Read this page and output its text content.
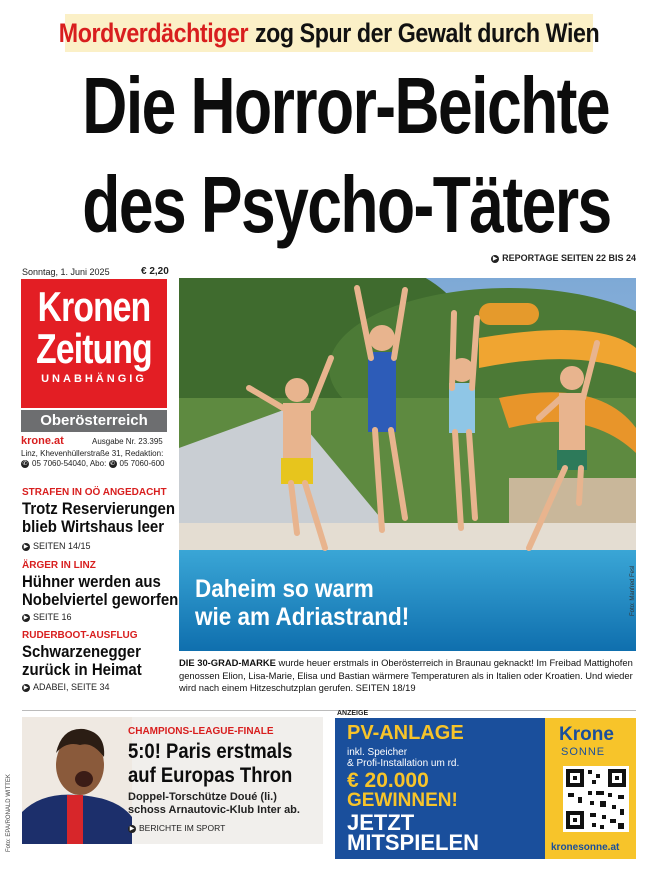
Mordverdächtiger zog Spur der Gewalt durch Wien
Die Horror-Beichte
des Psycho-Täters
▶ REPORTAGE SEITEN 22 BIS 24
Sonntag, 1. Juni 2025	€ 2,20
Kronen
Zeitung
UNABHÄNGIG
Oberösterreich
krone.at	Ausgabe Nr. 23.395
Linz, Khevenhüllerstraße 31, Redaktion:
✆ 05 7060-54040, Abo: ✆ 05 7060-600
STRAFEN IN OÖ ANGEDACHT
Trotz Reservierungen
blieb Wirtshaus leer
▶ SEITEN 14/15
ÄRGER IN LINZ
Hühner werden aus
Nobelviertel geworfen
▶ SEITE 16
RUDERBOOT-AUSFLUG
Schwarzenegger
zurück in Heimat
▶ ADABEI, SEITE 34
Daheim so warm
wie am Adriastrand!
Foto: Manfred Fesl
DIE 30-GRAD-MARKE wurde heuer erstmals in Oberösterreich in Braunau geknackt! Im Freibad Mattighofen genossen Elion, Lisa-Marie, Elisa und Bastian wärmere Temperaturen als in Italien oder Kroatien. Und wieder wird nach einem Hitzeschutzplan gerufen. SEITEN 18/19
CHAMPIONS-LEAGUE-FINALE
5:0! Paris erstmals
auf Europas Thron
Doppel-Torschütze Doué (li.)
schoss Arnautovic-Klub Inter ab.
▶ BERICHTE IM SPORT
Foto: EPA/RONALD WITTEK
ANZEIGE
PV-ANLAGE
inkl. Speicher
& Profi-Installation um rd.
€ 20.000
GEWINNEN!
JETZT
MITSPIELEN
Krone
SONNE
kronesonne.at
